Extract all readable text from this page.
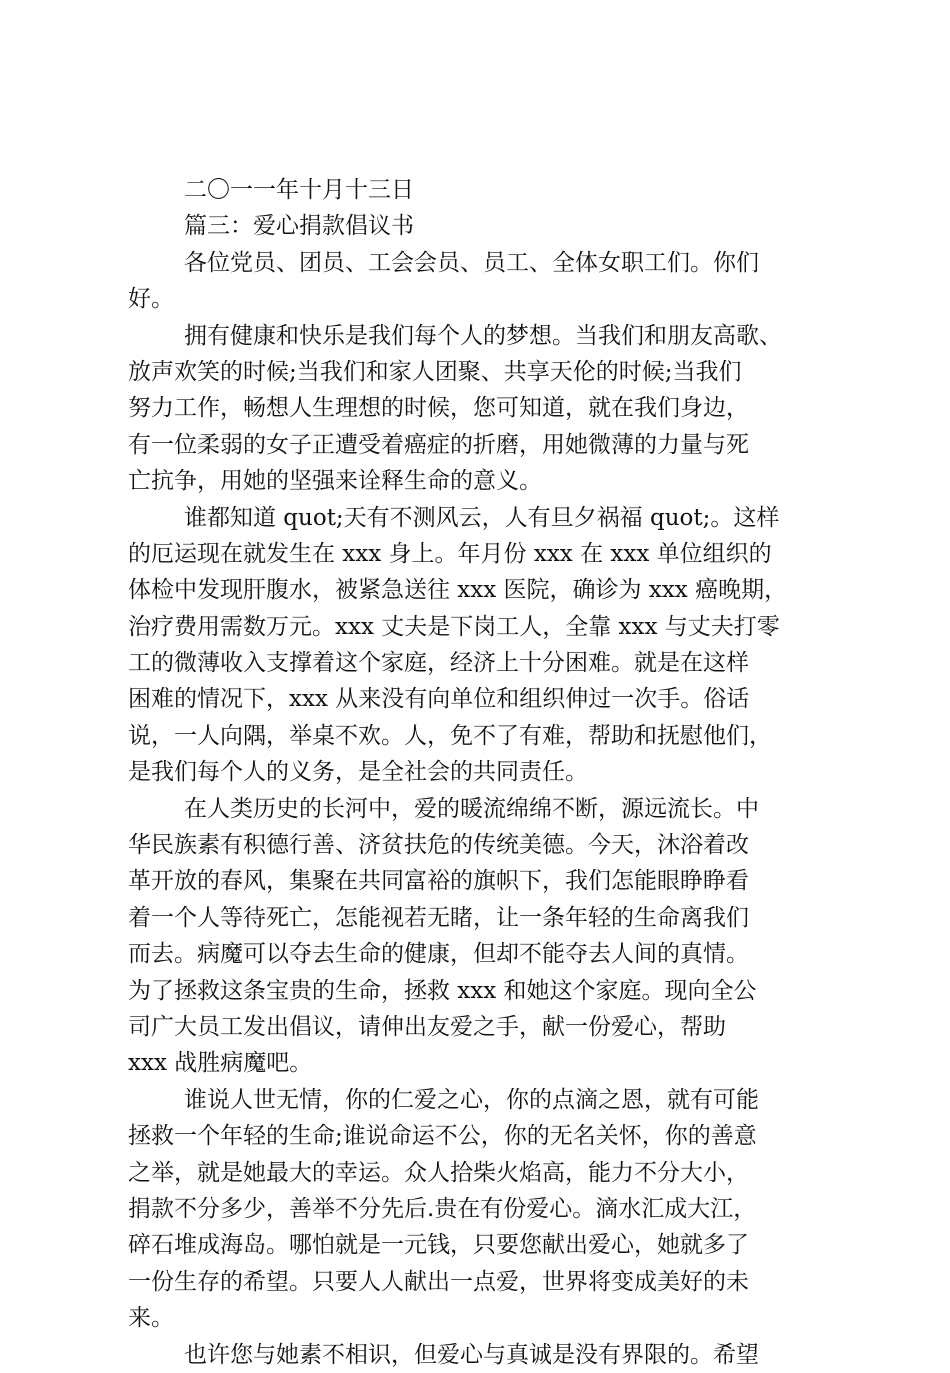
二〇一一年十月十三日
篇三：爱心捐款倡议书
各位党员、团员、工会会员、员工、全体女职工们。你们
好。
拥有健康和快乐是我们每个人的梦想。当我们和朋友高歌、
放声欢笑的时候;当我们和家人团聚、共享天伦的时候;当我们
努力工作，畅想人生理想的时候，您可知道，就在我们身边，
有一位柔弱的女子正遭受着癌症的折磨，用她微薄的力量与死
亡抗争，用她的坚强来诠释生命的意义。
谁都知道 quot;天有不测风云，人有旦夕祸福 quot;。这样
的厄运现在就发生在 xxx 身上。年月份 xxx 在 xxx 单位组织的
体检中发现肝腹水，被紧急送往 xxx 医院，确诊为 xxx 癌晚期，
治疗费用需数万元。xxx 丈夫是下岗工人，全靠 xxx 与丈夫打零
工的微薄收入支撑着这个家庭，经济上十分困难。就是在这样
困难的情况下，xxx 从来没有向单位和组织伸过一次手。俗话
说，一人向隅，举桌不欢。人，免不了有难，帮助和抚慰他们，
是我们每个人的义务，是全社会的共同责任。
在人类历史的长河中，爱的暖流绵绵不断，源远流长。中
华民族素有积德行善、济贫扶危的传统美德。今天，沐浴着改
革开放的春风，集聚在共同富裕的旗帜下，我们怎能眼睁睁看
着一个人等待死亡，怎能视若无睹，让一条年轻的生命离我们
而去。病魔可以夺去生命的健康，但却不能夺去人间的真情。
为了拯救这条宝贵的生命，拯救 xxx 和她这个家庭。现向全公
司广大员工发出倡议，请伸出友爱之手，献一份爱心，帮助
xxx 战胜病魔吧。
谁说人世无情，你的仁爱之心，你的点滴之恩，就有可能
拯救一个年轻的生命;谁说命运不公，你的无名关怀，你的善意
之举，就是她最大的幸运。众人拾柴火焰高，能力不分大小，
捐款不分多少，善举不分先后.贵在有份爱心。滴水汇成大江，
碎石堆成海岛。哪怕就是一元钱，只要您献出爱心，她就多了
一份生存的希望。只要人人献出一点爱，世界将变成美好的未
来。
也许您与她素不相识，但爱心与真诚是没有界限的。希望
